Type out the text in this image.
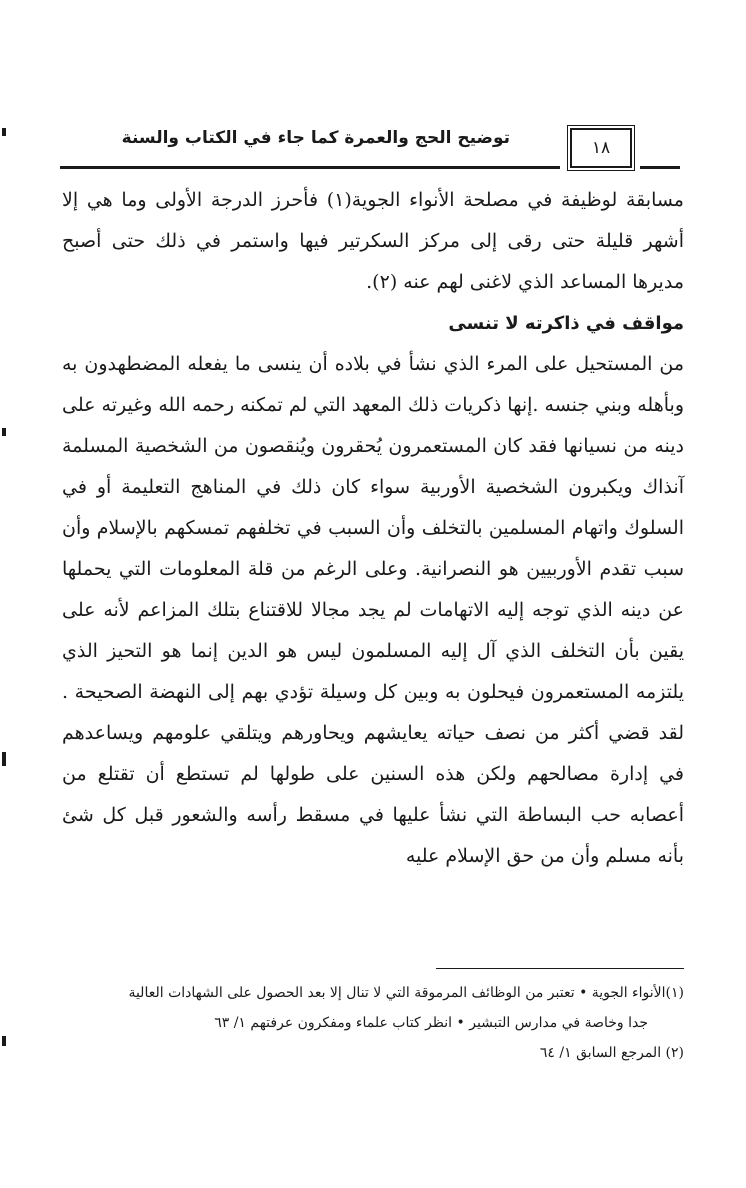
توضيح الحج والعمرة كما جاء في الكتاب والسنة	١٨

مسابقة لوظيفة في مصلحة الأنواء الجوية(١) فأحرز الدرجة الأولى وما هي إلا أشهر قليلة حتى رقى إلى مركز السكرتير فيها واستمر في ذلك حتى أصبح مديرها المساعد الذي لاغنى لهم عنه (٢).

مواقف في ذاكرته لا تنسى

من المستحيل على المرء الذي نشأ في بلاده أن ينسى ما يفعله المضطهدون به وبأهله وبني جنسه .إنها ذكريات ذلك المعهد التي لم تمكنه رحمه الله وغيرته على دينه من نسيانها فقد كان المستعمرون يُحقرون ويُنقصون من الشخصية المسلمة آنذاك ويكبرون الشخصية الأوربية سواء كان ذلك في المناهج التعليمة أو في السلوك واتهام المسلمين بالتخلف وأن السبب في تخلفهم تمسكهم بالإسلام وأن سبب تقدم الأوربيين هو النصرانية. وعلى الرغم من قلة المعلومات التي يحملها عن دينه الذي توجه إليه الاتهامات لم يجد مجالا للاقتناع بتلك المزاعم لأنه على يقين بأن التخلف الذي آل إليه المسلمون ليس هو الدين إنما هو التحيز الذي يلتزمه المستعمرون فيحلون به وبين كل وسيلة تؤدي بهم إلى النهضة الصحيحة . لقد قضي أكثر من نصف حياته يعايشهم ويحاورهم ويتلقي علومهم ويساعدهم في إدارة مصالحهم ولكن هذه السنين على طولها لم تستطع أن تقتلع من أعصابه حب البساطة التي نشأ عليها في مسقط رأسه والشعور قبل كل شئ بأنه مسلم وأن من حق الإسلام عليه

(١)الأنواء الجوية • تعتبر من الوظائف المرموقة التي لا تنال إلا بعد الحصول على الشهادات العالية

جدا وخاصة في مدارس التبشير • انظر كتاب علماء ومفكرون عرفتهم ١/ ٦٣

(٢) المرجع السابق ١/ ٦٤
